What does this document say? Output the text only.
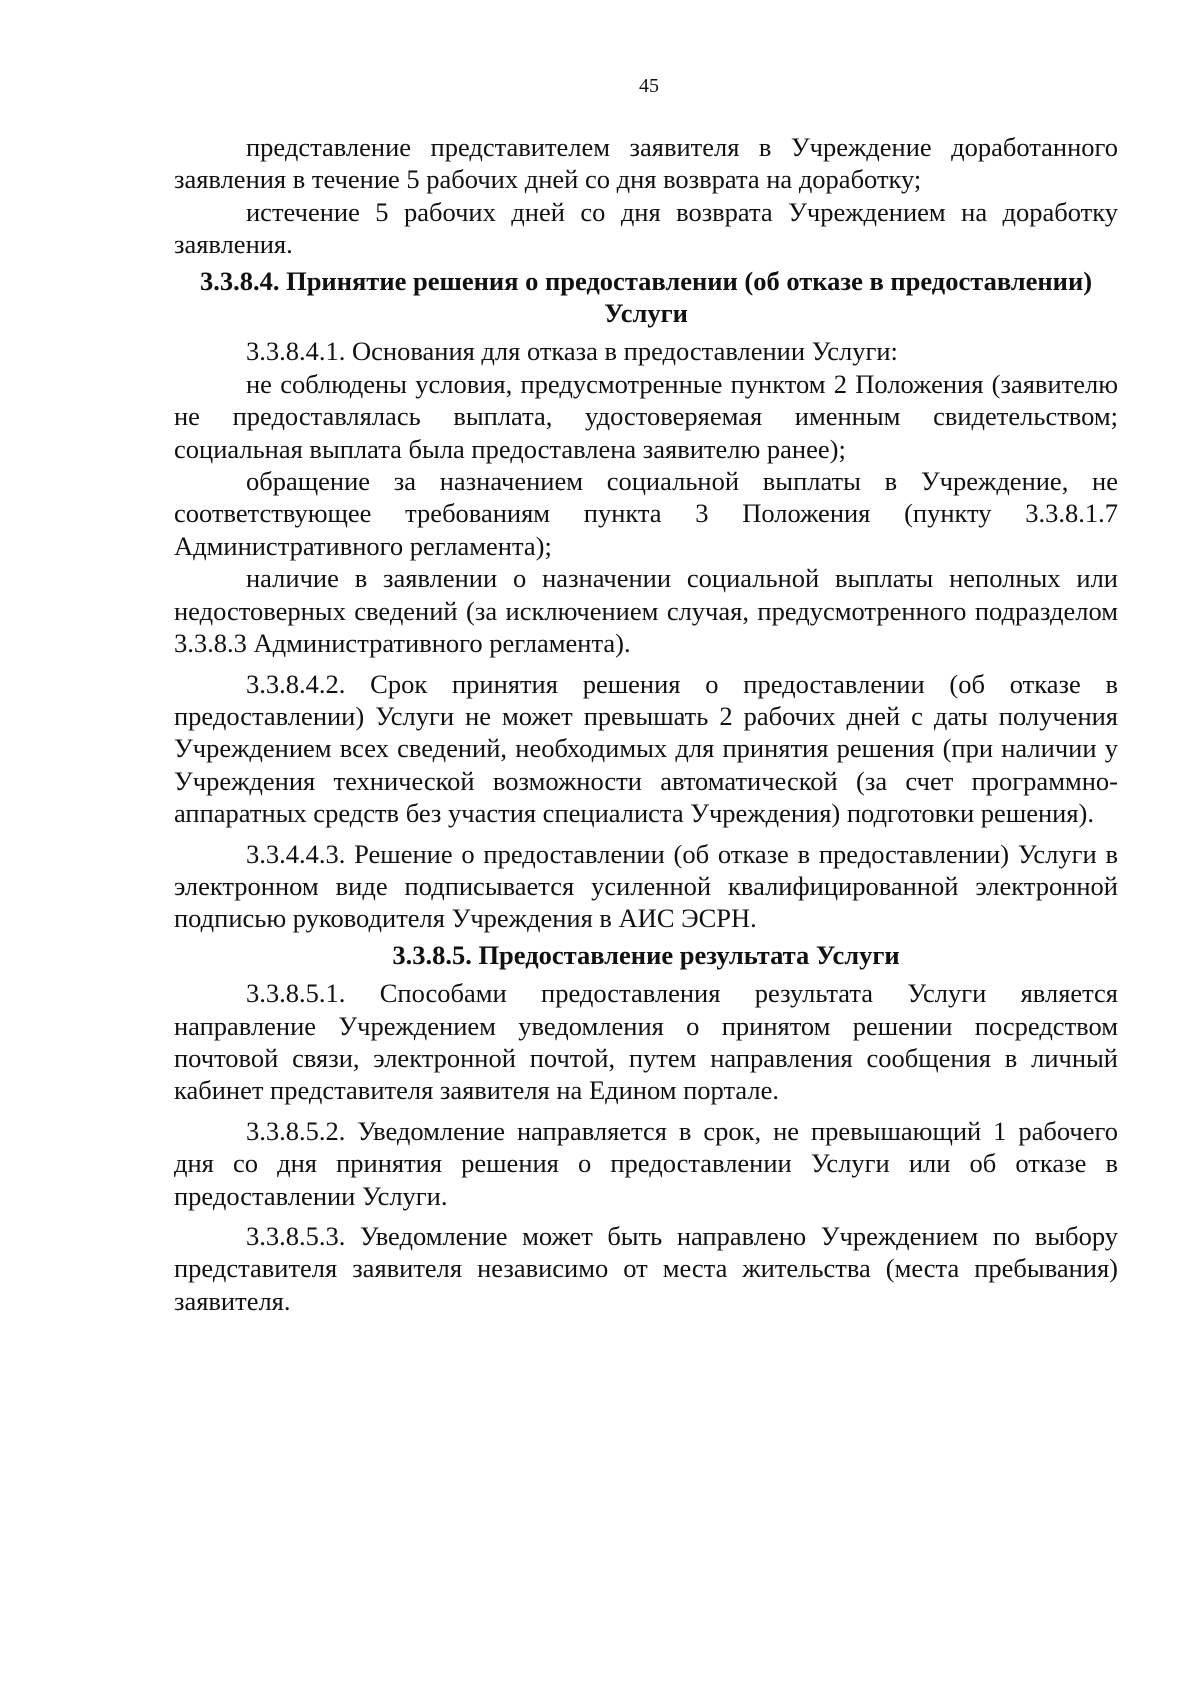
45

представление представителем заявителя в Учреждение доработанного заявления в течение 5 рабочих дней со дня возврата на доработку;

истечение 5 рабочих дней со дня возврата Учреждением на доработку заявления.

3.3.8.4. Принятие решения о предоставлении (об отказе в предоставлении) Услуги

3.3.8.4.1. Основания для отказа в предоставлении Услуги:

не соблюдены условия, предусмотренные пунктом 2 Положения (заявителю не предоставлялась выплата, удостоверяемая именным свидетельством; социальная выплата была предоставлена заявителю ранее);

обращение за назначением социальной выплаты в Учреждение, не соответствующее требованиям пункта 3 Положения (пункту 3.3.8.1.7 Административного регламента);

наличие в заявлении о назначении социальной выплаты неполных или недостоверных сведений (за исключением случая, предусмотренного подразделом 3.3.8.3 Административного регламента).

3.3.8.4.2. Срок принятия решения о предоставлении (об отказе в предоставлении) Услуги не может превышать 2 рабочих дней с даты получения Учреждением всех сведений, необходимых для принятия решения (при наличии у Учреждения технической возможности автоматической (за счет программно-аппаратных средств без участия специалиста Учреждения) подготовки решения).

3.3.4.4.3. Решение о предоставлении (об отказе в предоставлении) Услуги в электронном виде подписывается усиленной квалифицированной электронной подписью руководителя Учреждения в АИС ЭСРН.

3.3.8.5. Предоставление результата Услуги

3.3.8.5.1. Способами предоставления результата Услуги является направление Учреждением уведомления о принятом решении посредством почтовой связи, электронной почтой, путем направления сообщения в личный кабинет представителя заявителя на Едином портале.

3.3.8.5.2. Уведомление направляется в срок, не превышающий 1 рабочего дня со дня принятия решения о предоставлении Услуги или об отказе в предоставлении Услуги.

3.3.8.5.3. Уведомление может быть направлено Учреждением по выбору представителя заявителя независимо от места жительства (места пребывания) заявителя.
